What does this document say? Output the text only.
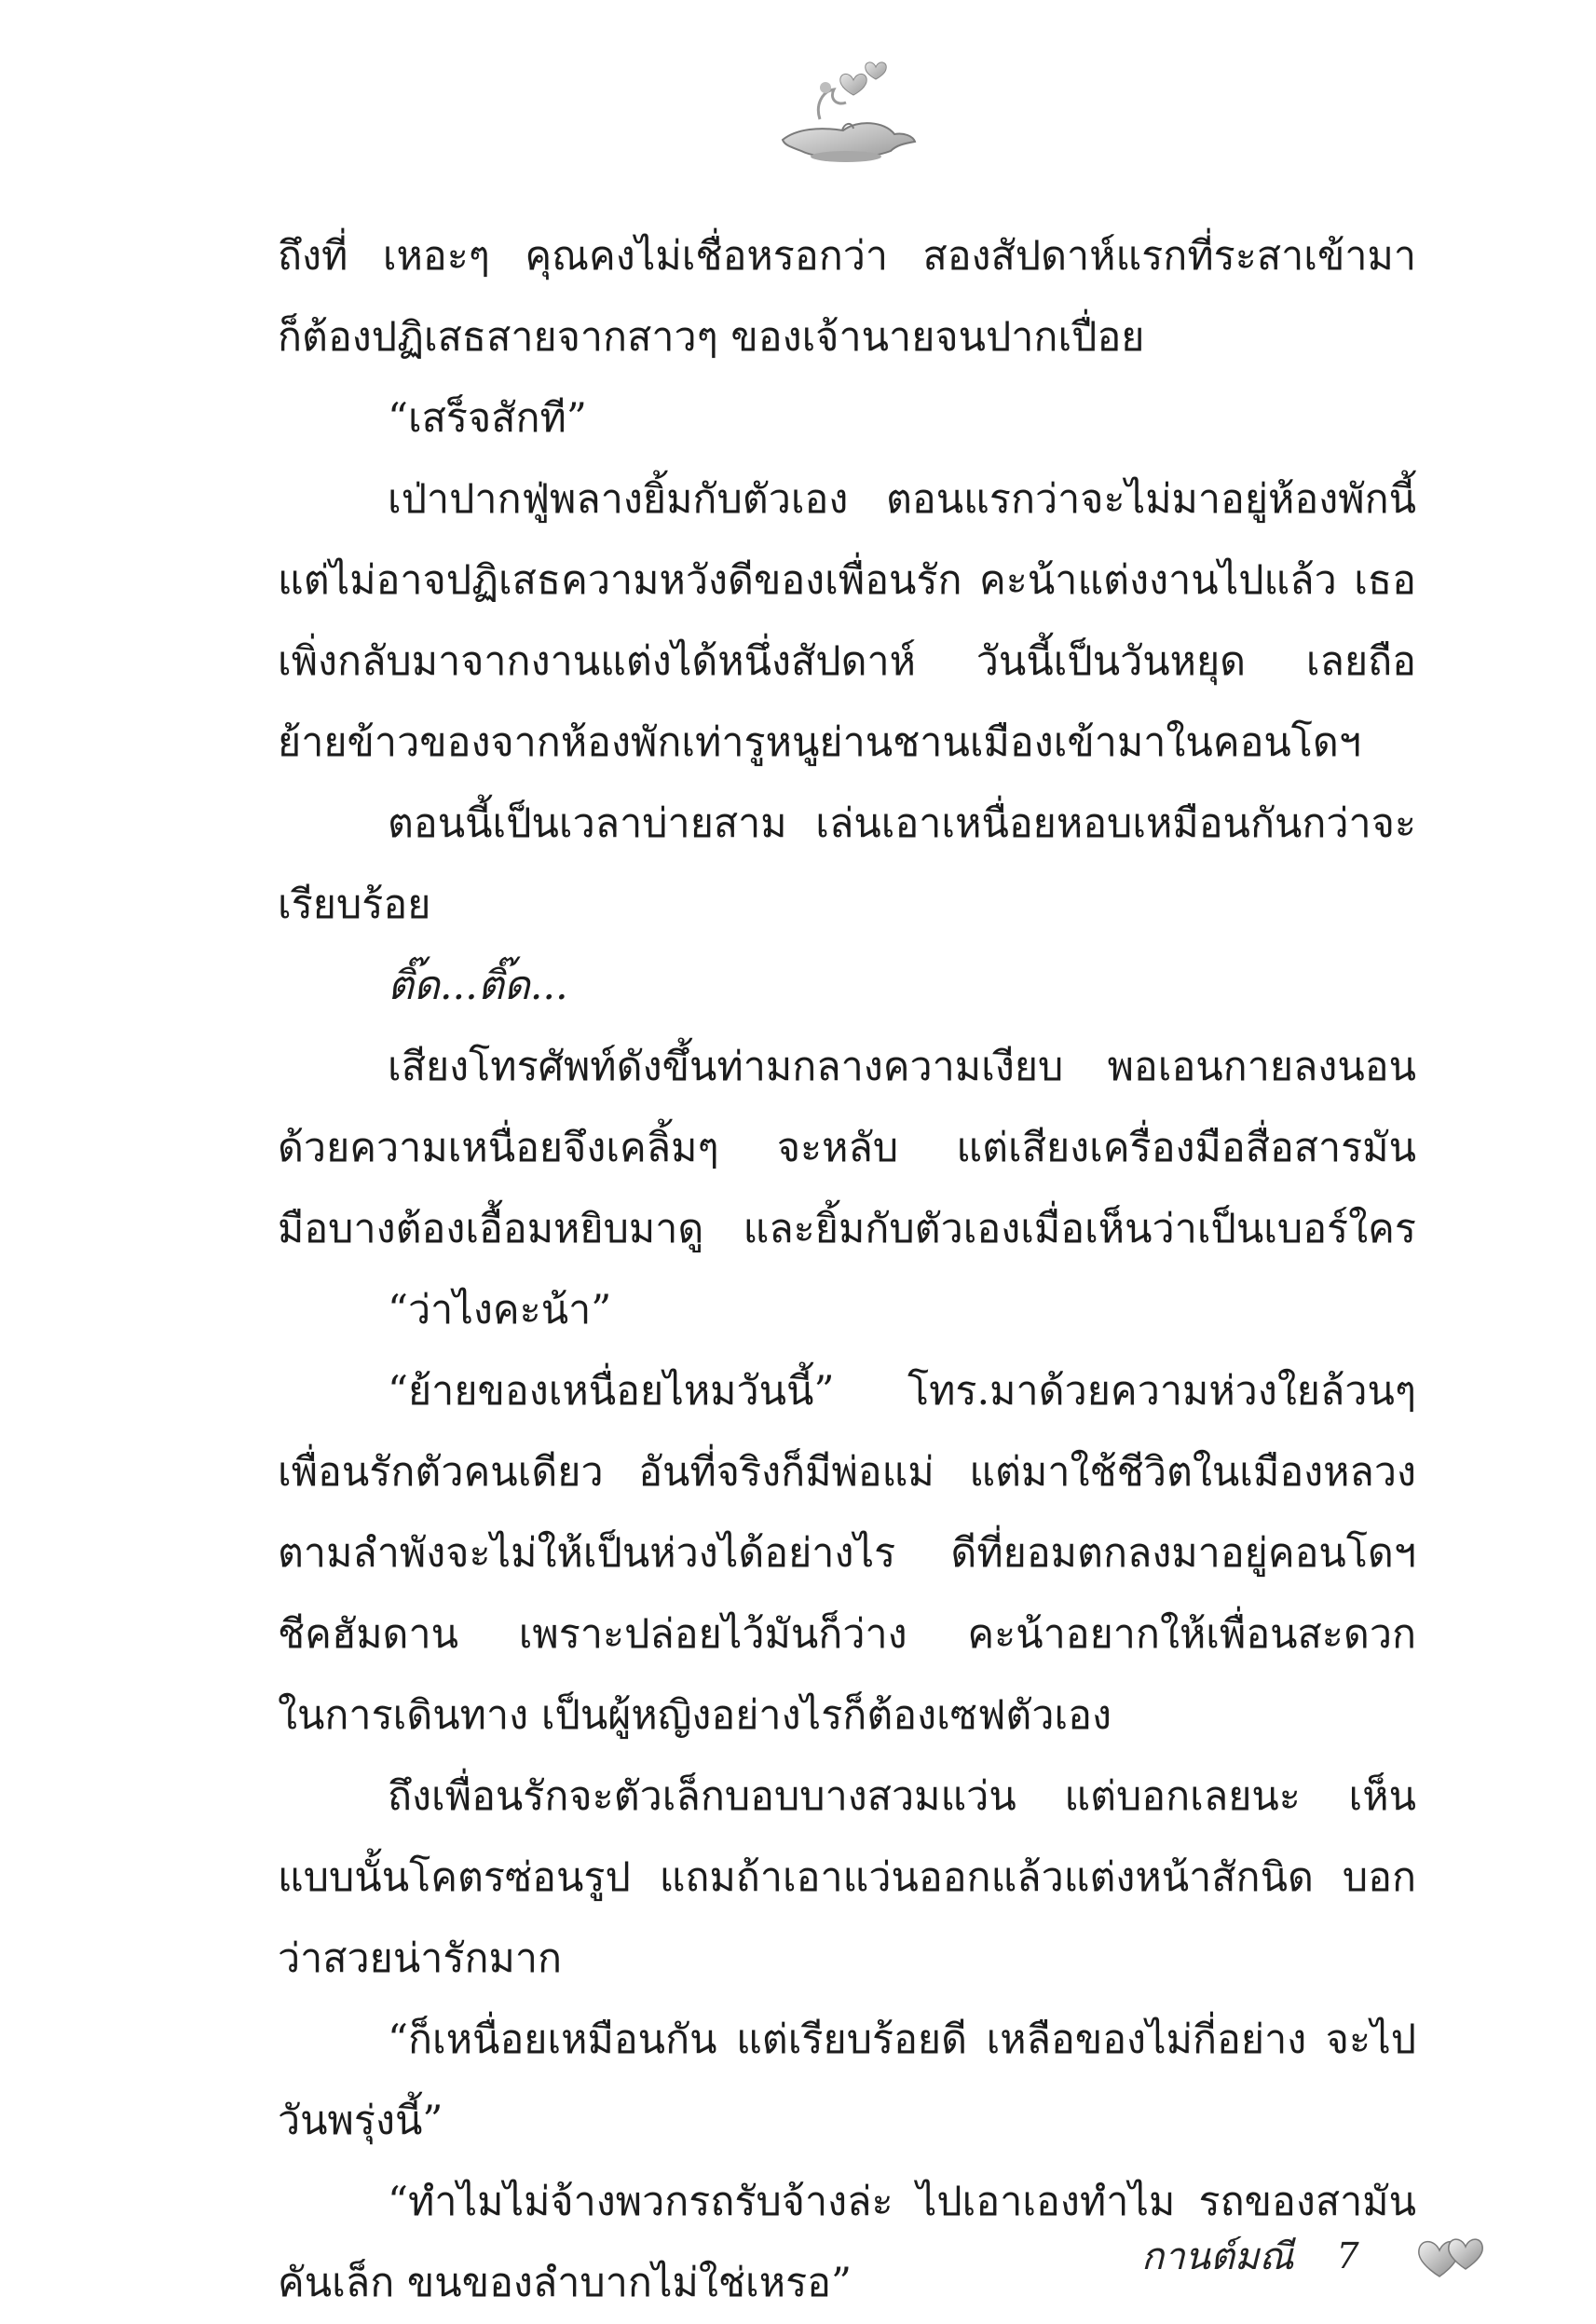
ถึงที่ เหอะๆ คุณคงไม่เชื่อหรอกว่า สองสัปดาห์แรกที่ระสาเข้ามา
ก็ต้องปฏิเสธสายจากสาวๆ ของเจ้านายจนปากเปื่อย
“เสร็จสักที”
เป่าปากฟู่พลางยิ้มกับตัวเอง ตอนแรกว่าจะไม่มาอยู่ห้องพักนี้
แต่ไม่อาจปฏิเสธความหวังดีของเพื่อนรัก คะน้าแต่งงานไปแล้ว เธอ
เพิ่งกลับมาจากงานแต่งได้หนึ่งสัปดาห์ วันนี้เป็นวันหยุด เลยถือ
ย้ายข้าวของจากห้องพักเท่ารูหนูย่านชานเมืองเข้ามาในคอนโดฯ
ตอนนี้เป็นเวลาบ่ายสาม เล่นเอาเหนื่อยหอบเหมือนกันกว่าจะ
เรียบร้อย
ติ๊ด...ติ๊ด...
เสียงโทรศัพท์ดังขึ้นท่ามกลางความเงียบ พอเอนกายลงนอน
ด้วยความเหนื่อยจึงเคลิ้มๆ จะหลับ แต่เสียงเครื่องมือสื่อสารมัน
มือบางต้องเอื้อมหยิบมาดู และยิ้มกับตัวเองเมื่อเห็นว่าเป็นเบอร์ใคร
“ว่าไงคะน้า”
“ย้ายของเหนื่อยไหมวันนี้” โทร.มาด้วยความห่วงใยล้วนๆ
เพื่อนรักตัวคนเดียว อันที่จริงก็มีพ่อแม่ แต่มาใช้ชีวิตในเมืองหลวง
ตามลำพังจะไม่ให้เป็นห่วงได้อย่างไร ดีที่ยอมตกลงมาอยู่คอนโดฯ
ชีคฮัมดาน เพราะปล่อยไว้มันก็ว่าง คะน้าอยากให้เพื่อนสะดวก
ในการเดินทาง เป็นผู้หญิงอย่างไรก็ต้องเซฟตัวเอง
ถึงเพื่อนรักจะตัวเล็กบอบบางสวมแว่น แต่บอกเลยนะ เห็น
แบบนั้นโคตรซ่อนรูป แถมถ้าเอาแว่นออกแล้วแต่งหน้าสักนิด บอก
ว่าสวยน่ารักมาก
“ก็เหนื่อยเหมือนกัน แต่เรียบร้อยดี เหลือของไม่กี่อย่าง จะไป
วันพรุ่งนี้”
“ทำไมไม่จ้างพวกรถรับจ้างล่ะ ไปเอาเองทำไม รถของสามัน
คันเล็ก ขนของลำบากไม่ใช่เหรอ”
กานต์มณี 7
